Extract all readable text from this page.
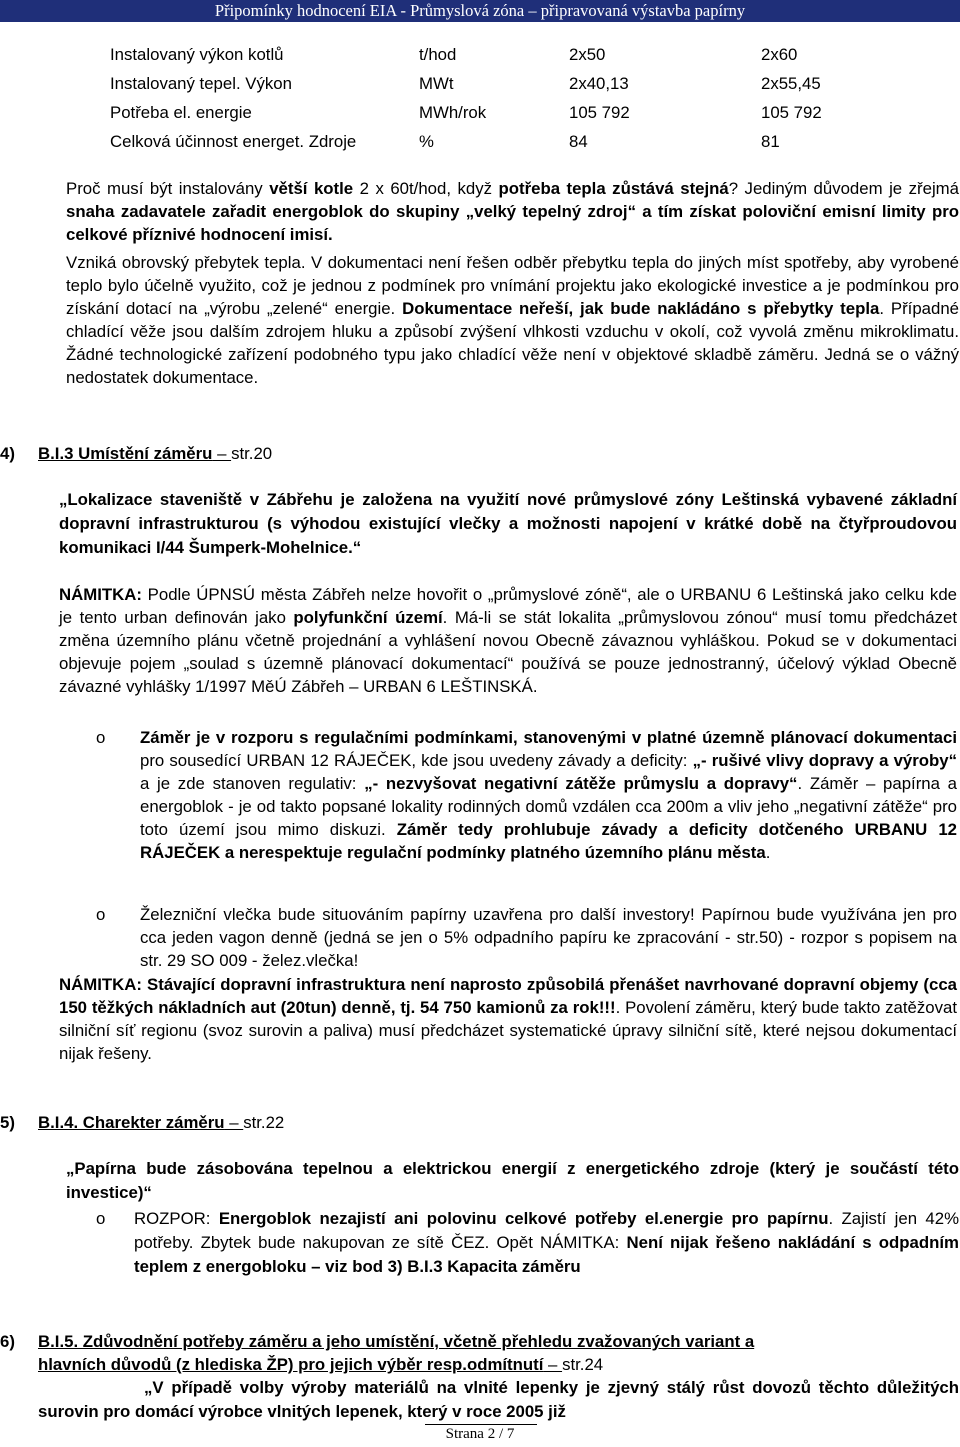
Připomínky hodnocení EIA - Průmyslová zóna – připravovaná výstavba papírny
Instalovaný výkon kotlů	t/hod	2x50	2x60
Instalovaný tepel. Výkon	MWt	2x40,13	2x55,45
Potřeba el. energie	MWh/rok	105 792	105 792
Celková účinnost energet. Zdroje	%	84	81

Proč musí být instalovány větší kotle 2 x 60t/hod, když potřeba tepla zůstává stejná? Jediným důvodem je zřejmá snaha zadavatele zařadit energoblok do skupiny „velký tepelný zdroj“ a tím získat poloviční emisní limity pro celkové příznivé hodnocení imisí.

Vzniká obrovský přebytek tepla. V dokumentaci není řešen odběr přebytku tepla do jiných míst spotřeby, aby vyrobené teplo bylo účelně využito, což je jednou z podmínek pro vnímání projektu jako ekologické investice a je podmínkou pro získání dotací na „výrobu „zelené“ energie. Dokumentace neřeší, jak bude nakládáno s přebytky tepla. Případné chladící věže jsou dalším zdrojem hluku a způsobí zvýšení vlhkosti vzduchu v okolí, což vyvolá změnu mikroklimatu. Žádné technologické zařízení podobného typu jako chladící věže není v objektové skladbě záměru. Jedná se o vážný nedostatek dokumentace.

4) B.I.3 Umístění záměru – str.20

„Lokalizace staveniště v Zábřehu je založena na využití nové průmyslové zóny Leštinská vybavené základní dopravní infrastrukturou (s výhodou existující vlečky a možnosti napojení v krátké době na čtyřproudovou komunikaci I/44 Šumperk-Mohelnice.“

NÁMITKA: Podle ÚPNSÚ města Zábřeh nelze hovořit o „průmyslové zóně“, ale o URBANU 6 Leštinská jako celku kde je tento urban definován jako polyfunkční území. Má-li se stát lokalita „průmyslovou zónou“ musí tomu předcházet změna územního plánu včetně projednání a vyhlášení novou Obecně závaznou vyhláškou. Pokud se v dokumentaci objevuje pojem „soulad s územně plánovací dokumentací“ používá se pouze jednostranný, účelový výklad Obecně závazné vyhlášky 1/1997 MěÚ Zábřeh – URBAN 6 LEŠTINSKÁ.

o Záměr je v rozporu s regulačními podmínkami, stanovenými v platné územně plánovací dokumentaci pro sousedící URBAN 12 RÁJEČEK, kde jsou uvedeny závady a deficity: „- rušivé vlivy dopravy a výroby“ a je zde stanoven regulativ: „- nezvyšovat negativní zátěže průmyslu a dopravy“. Záměr – papírna a energoblok - je od takto popsané lokality rodinných domů vzdálen cca 200m a vliv jeho „negativní zátěže“ pro toto území jsou mimo diskuzi. Záměr tedy prohlubuje závady a deficity dotčeného URBANU 12 RÁJEČEK a nerespektuje regulační podmínky platného územního plánu města.

o Železniční vlečka bude situováním papírny uzavřena pro další investory! Papírnou bude využívána jen pro cca jeden vagon denně (jedná se jen o 5% odpadního papíru ke zpracování - str.50) - rozpor s popisem na str. 29 SO 009 - želez.vlečka!

NÁMITKA: Stávající dopravní infrastruktura není naprosto způsobilá přenášet navrhované dopravní objemy (cca 150 těžkých nákladních aut (20tun) denně, tj. 54 750 kamionů za rok!!!. Povolení záměru, který bude takto zatěžovat silniční síť regionu (svoz surovin a paliva) musí předcházet systematické úpravy silniční sítě, které nejsou dokumentací nijak řešeny.

5) B.I.4. Charekter záměru – str.22

„Papírna bude zásobována tepelnou a elektrickou energií z energetického zdroje (který je součástí této investice)“

o ROZPOR: Energoblok nezajistí ani polovinu celkové potřeby el.energie pro papírnu. Zajistí jen 42% potřeby. Zbytek bude nakupovan ze sítě ČEZ. Opět NÁMITKA: Není nijak řešeno nakládání s odpadním teplem z energobloku – viz bod 3) B.I.3 Kapacita záměru

6) B.I.5. Zdůvodnění potřeby záměru a jeho umístění, včetně přehledu zvažovaných variant a
hlavních důvodů (z hlediska ŽP) pro jejich výběr resp.odmítnutí – str.24

„V případě volby výroby materiálů na vlnité lepenky je zjevný stálý růst dovozů těchto důležitých surovin pro domácí výrobce vlnitých lepenek, který v roce 2005 již

Strana 2 / 7
